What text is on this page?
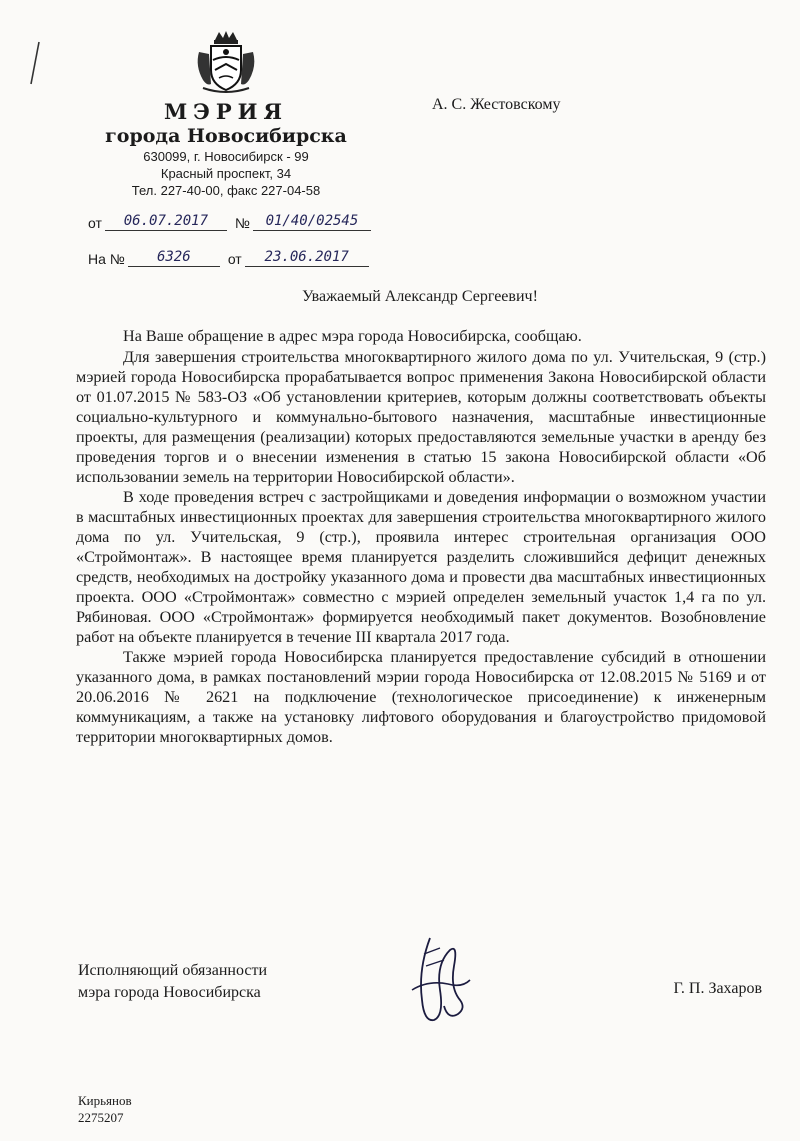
МЭРИЯ
города Новосибирска
630099, г. Новосибирск - 99
Красный проспект, 34
Тел. 227-40-00, факс 227-04-58
от	06.07.2017	№	01/40/02545
На №	6326	от	23.06.2017
А. С. Жестовскому
Уважаемый Александр Сергеевич!

На Ваше обращение в адрес мэра города Новосибирска, сообщаю.

Для завершения строительства многоквартирного жилого дома по ул. Учительская, 9 (стр.) мэрией города Новосибирска прорабатывается вопрос применения Закона Новосибирской области от 01.07.2015 № 583-ОЗ «Об установлении критериев, которым должны соответствовать объекты социально-культурного и коммунально-бытового назначения, масштабные инвестиционные проекты, для размещения (реализации) которых предоставляются земельные участки в аренду без проведения торгов и о внесении изменения в статью 15 закона Новосибирской области «Об использовании земель на территории Новосибирской области».

В ходе проведения встреч с застройщиками и доведения информации о возможном участии в масштабных инвестиционных проектах для завершения строительства многоквартирного жилого дома по ул. Учительская, 9 (стр.), проявила интерес строительная организация ООО «Строймонтаж». В настоящее время планируется разделить сложившийся дефицит денежных средств, необходимых на достройку указанного дома и провести два масштабных инвестиционных проекта. ООО «Строймонтаж» совместно с мэрией определен земельный участок 1,4 га по ул. Рябиновая. ООО «Строймонтаж» формируется необходимый пакет документов. Возобновление работ на объекте планируется в течение III квартала 2017 года.

Также мэрией города Новосибирска планируется предоставление субсидий в отношении указанного дома, в рамках постановлений мэрии города Новосибирска от 12.08.2015 № 5169 и от 20.06.2016 № 2621 на подключение (технологическое присоединение) к инженерным коммуникациям, а также на установку лифтового оборудования и благоустройство придомовой территории многоквартирных домов.

Исполняющий обязанности
мэра города Новосибирска	Г. П. Захаров
Кирьянов
2275207
